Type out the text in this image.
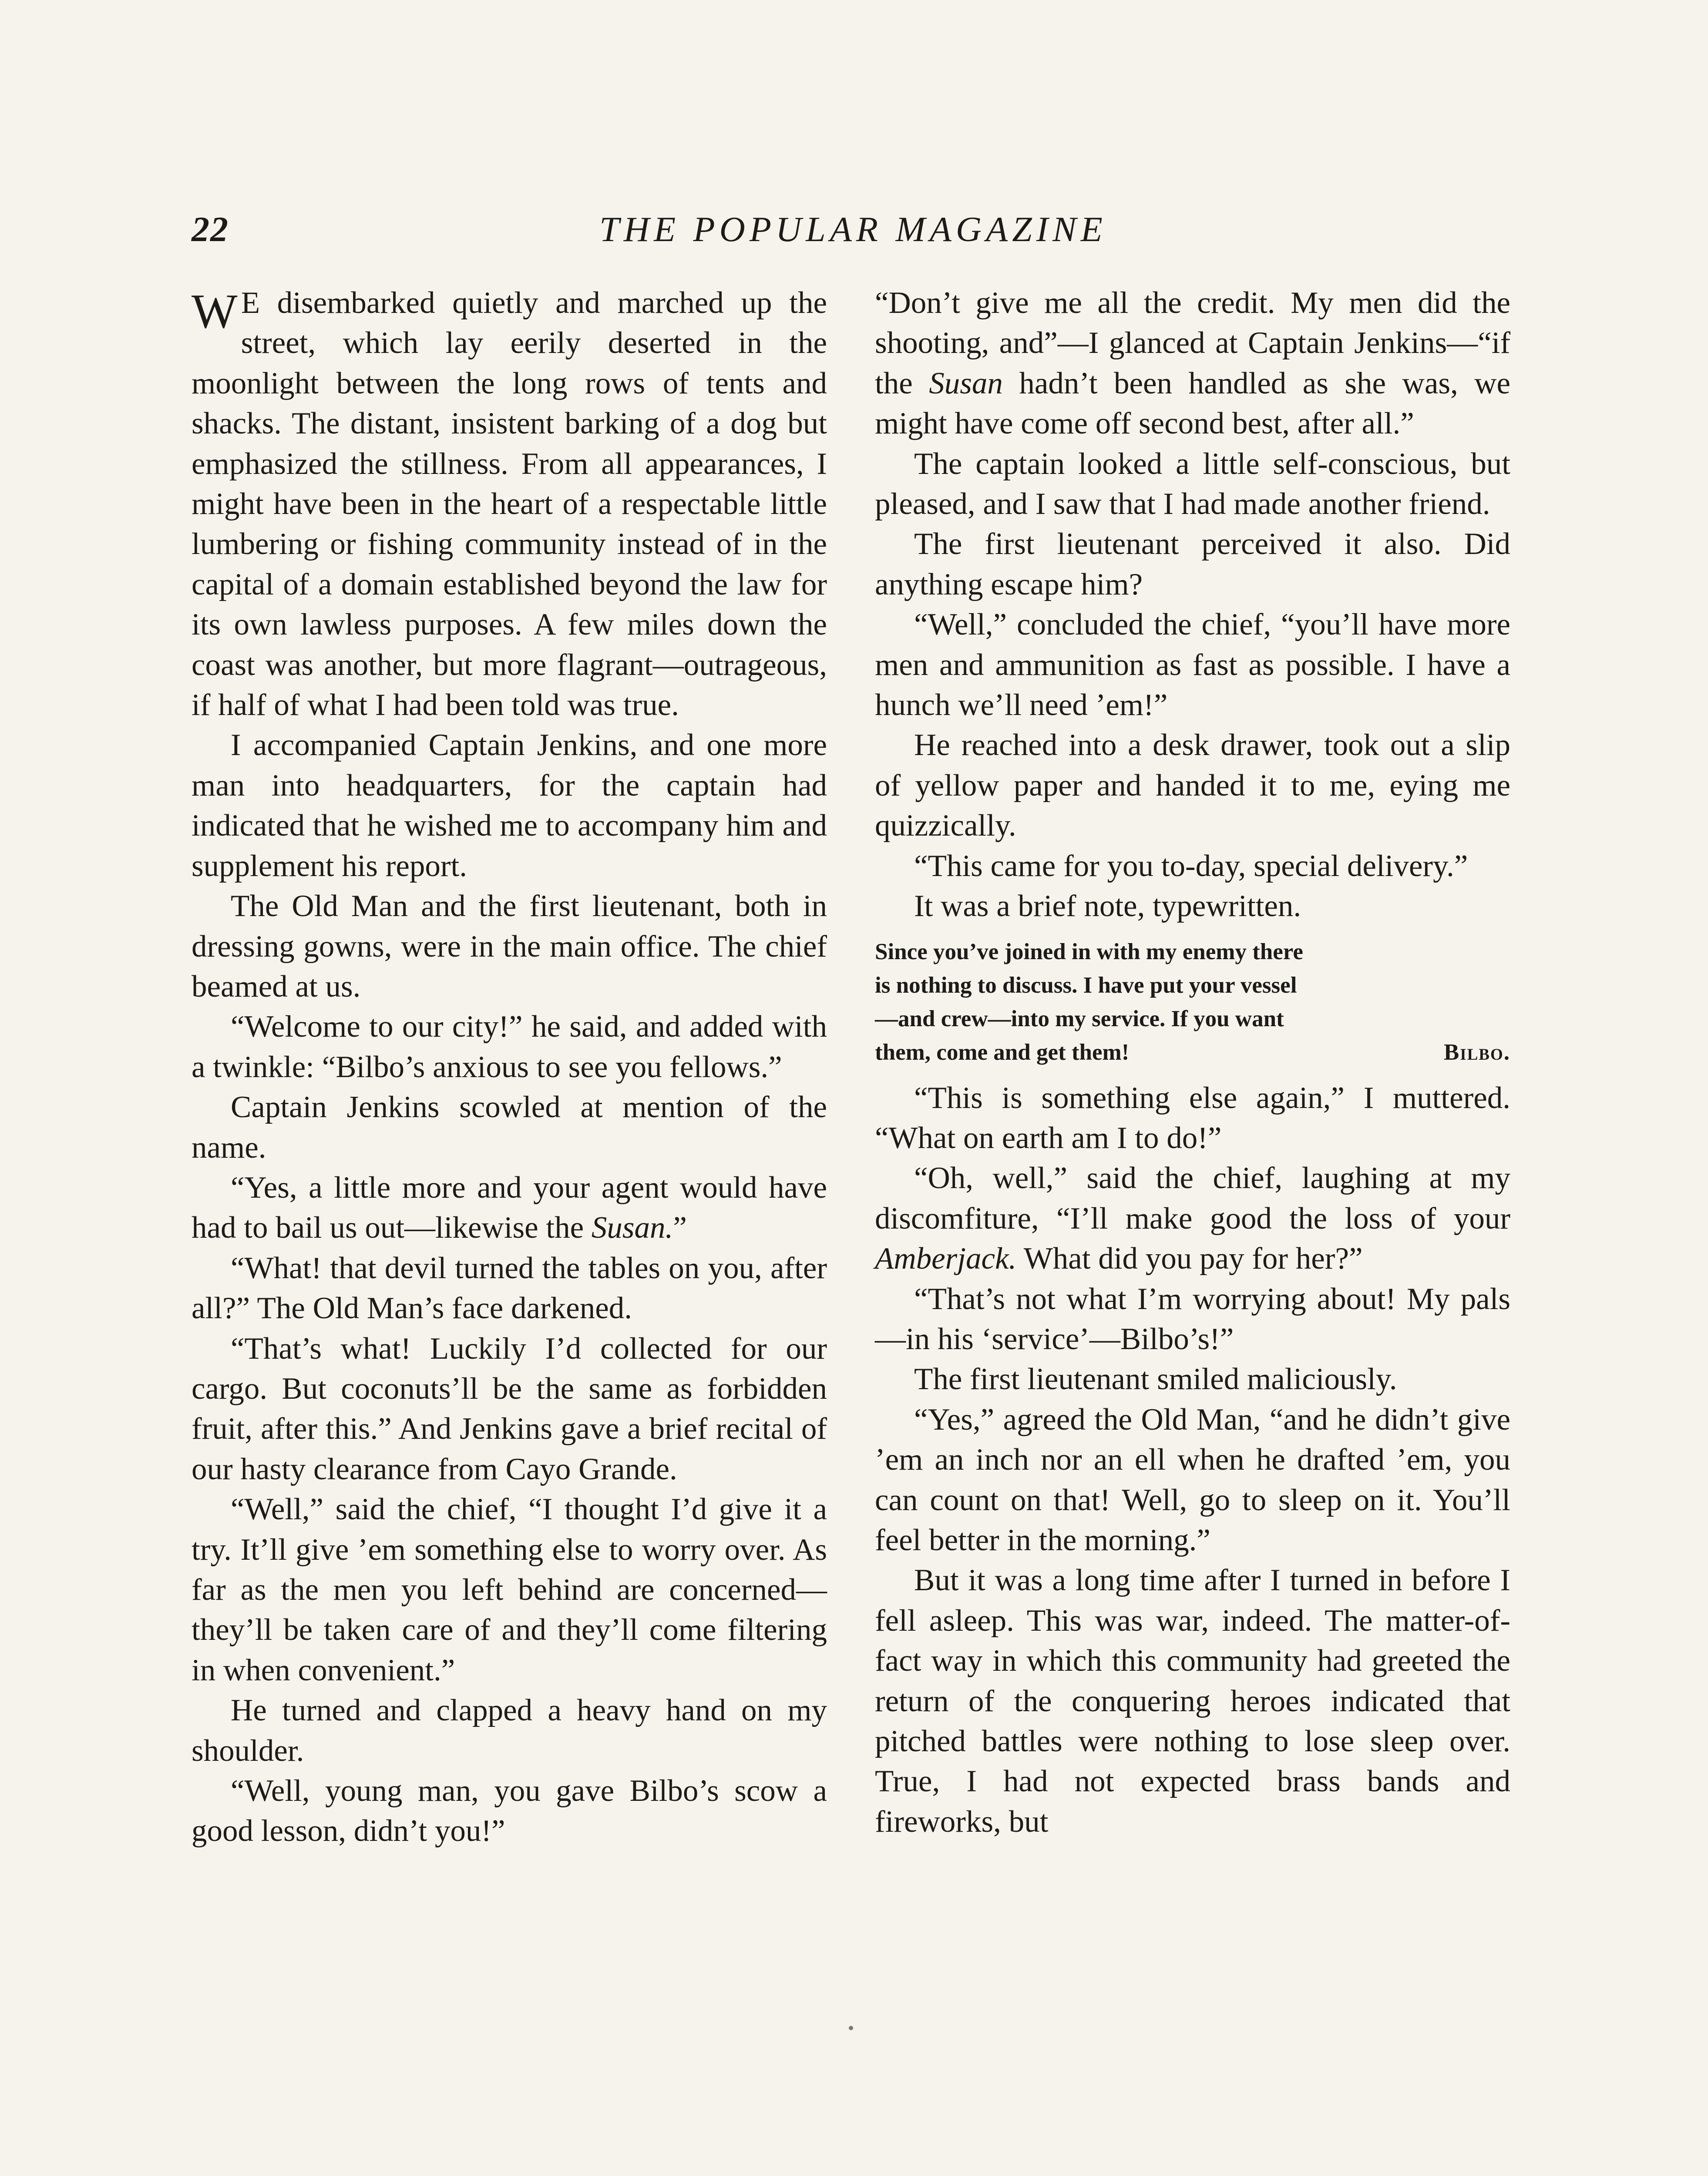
22	THE POPULAR MAGAZINE

W E disembarked quietly and marched up the street, which lay eerily deserted in the moonlight between the long rows of tents and shacks. The distant, insistent barking of a dog but emphasized the stillness. From all appearances, I might have been in the heart of a respectable little lumbering or fishing community instead of in the capital of a domain established beyond the law for its own lawless purposes. A few miles down the coast was another, but more flagrant—outrageous, if half of what I had been told was true.

I accompanied Captain Jenkins, and one more man into headquarters, for the captain had indicated that he wished me to accompany him and supplement his report.

The Old Man and the first lieutenant, both in dressing gowns, were in the main office. The chief beamed at us.

“Welcome to our city!” he said, and added with a twinkle: “Bilbo’s anxious to see you fellows.”

Captain Jenkins scowled at mention of the name.

“Yes, a little more and your agent would have had to bail us out—likewise the Susan.”

“What! that devil turned the tables on you, after all?” The Old Man’s face darkened.

“That’s what! Luckily I’d collected for our cargo. But coconuts’ll be the same as forbidden fruit, after this.” And Jenkins gave a brief recital of our hasty clearance from Cayo Grande.

“Well,” said the chief, “I thought I’d give it a try. It’ll give ’em something else to worry over. As far as the men you left behind are concerned—they’ll be taken care of and they’ll come filtering in when convenient.”

He turned and clapped a heavy hand on my shoulder.

“Well, young man, you gave Bilbo’s scow a good lesson, didn’t you!”

“Don’t give me all the credit. My men did the shooting, and”—I glanced at Captain Jenkins—“if the Susan hadn’t been handled as she was, we might have come off second best, after all.”

The captain looked a little self-conscious, but pleased, and I saw that I had made another friend.

The first lieutenant perceived it also. Did anything escape him?

“Well,” concluded the chief, “you’ll have more men and ammunition as fast as possible. I have a hunch we’ll need ’em!”

He reached into a desk drawer, took out a slip of yellow paper and handed it to me, eying me quizzically.

“This came for you to-day, special delivery.”

It was a brief note, typewritten.

Since you’ve joined in with my enemy there
is nothing to discuss. I have put your vessel
—and crew—into my service. If you want
them, come and get them!	Bilbo.

“This is something else again,” I muttered. “What on earth am I to do!”

“Oh, well,” said the chief, laughing at my discomfiture, “I’ll make good the loss of your Amberjack. What did you pay for her?”

“That’s not what I’m worrying about! My pals—in his ‘service’—Bilbo’s!”

The first lieutenant smiled maliciously.

“Yes,” agreed the Old Man, “and he didn’t give ’em an inch nor an ell when he drafted ’em, you can count on that! Well, go to sleep on it. You’ll feel better in the morning.”

But it was a long time after I turned in before I fell asleep. This was war, indeed. The matter-of-fact way in which this community had greeted the return of the conquering heroes indicated that pitched battles were nothing to lose sleep over. True, I had not expected brass bands and fireworks, but
